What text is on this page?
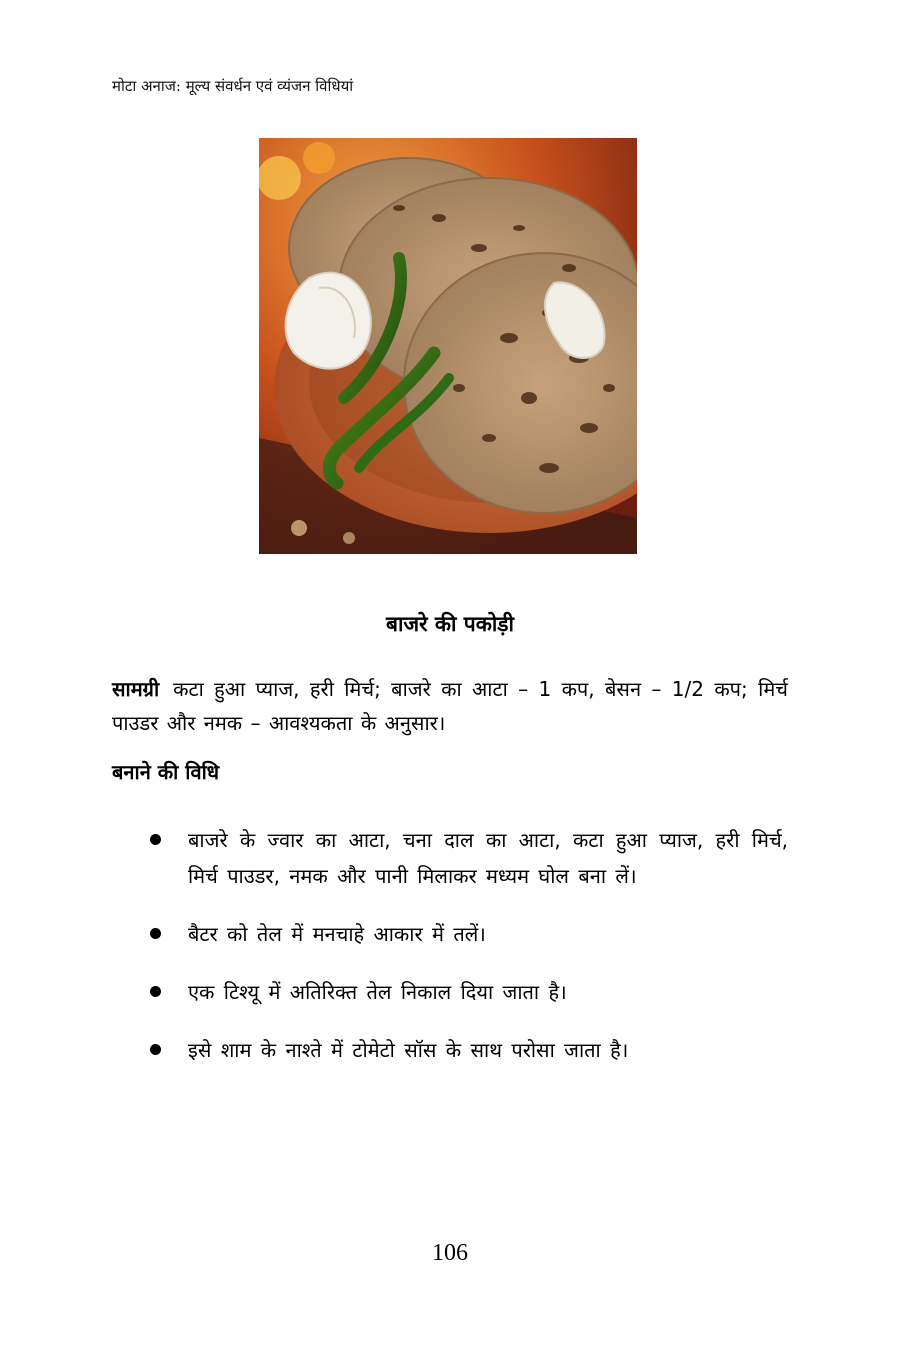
मोटा अनाज: मूल्य संवर्धन एवं व्यंजन विधियां
बाजरे की पकोड़ी
सामग्री कटा हुआ प्याज, हरी मिर्च; बाजरे का आटा – 1 कप, बेसन – 1/2 कप; मिर्च पाउडर और नमक – आवश्यकता के अनुसार।
बनाने की विधि
बाजरे के ज्वार का आटा, चना दाल का आटा, कटा हुआ प्याज, हरी मिर्च, मिर्च पाउडर, नमक और पानी मिलाकर मध्यम घोल बना लें।
बैटर को तेल में मनचाहे आकार में तलें।
एक टिश्यू में अतिरिक्त तेल निकाल दिया जाता है।
इसे शाम के नाश्ते में टोमेटो सॉस के साथ परोसा जाता है।
106
